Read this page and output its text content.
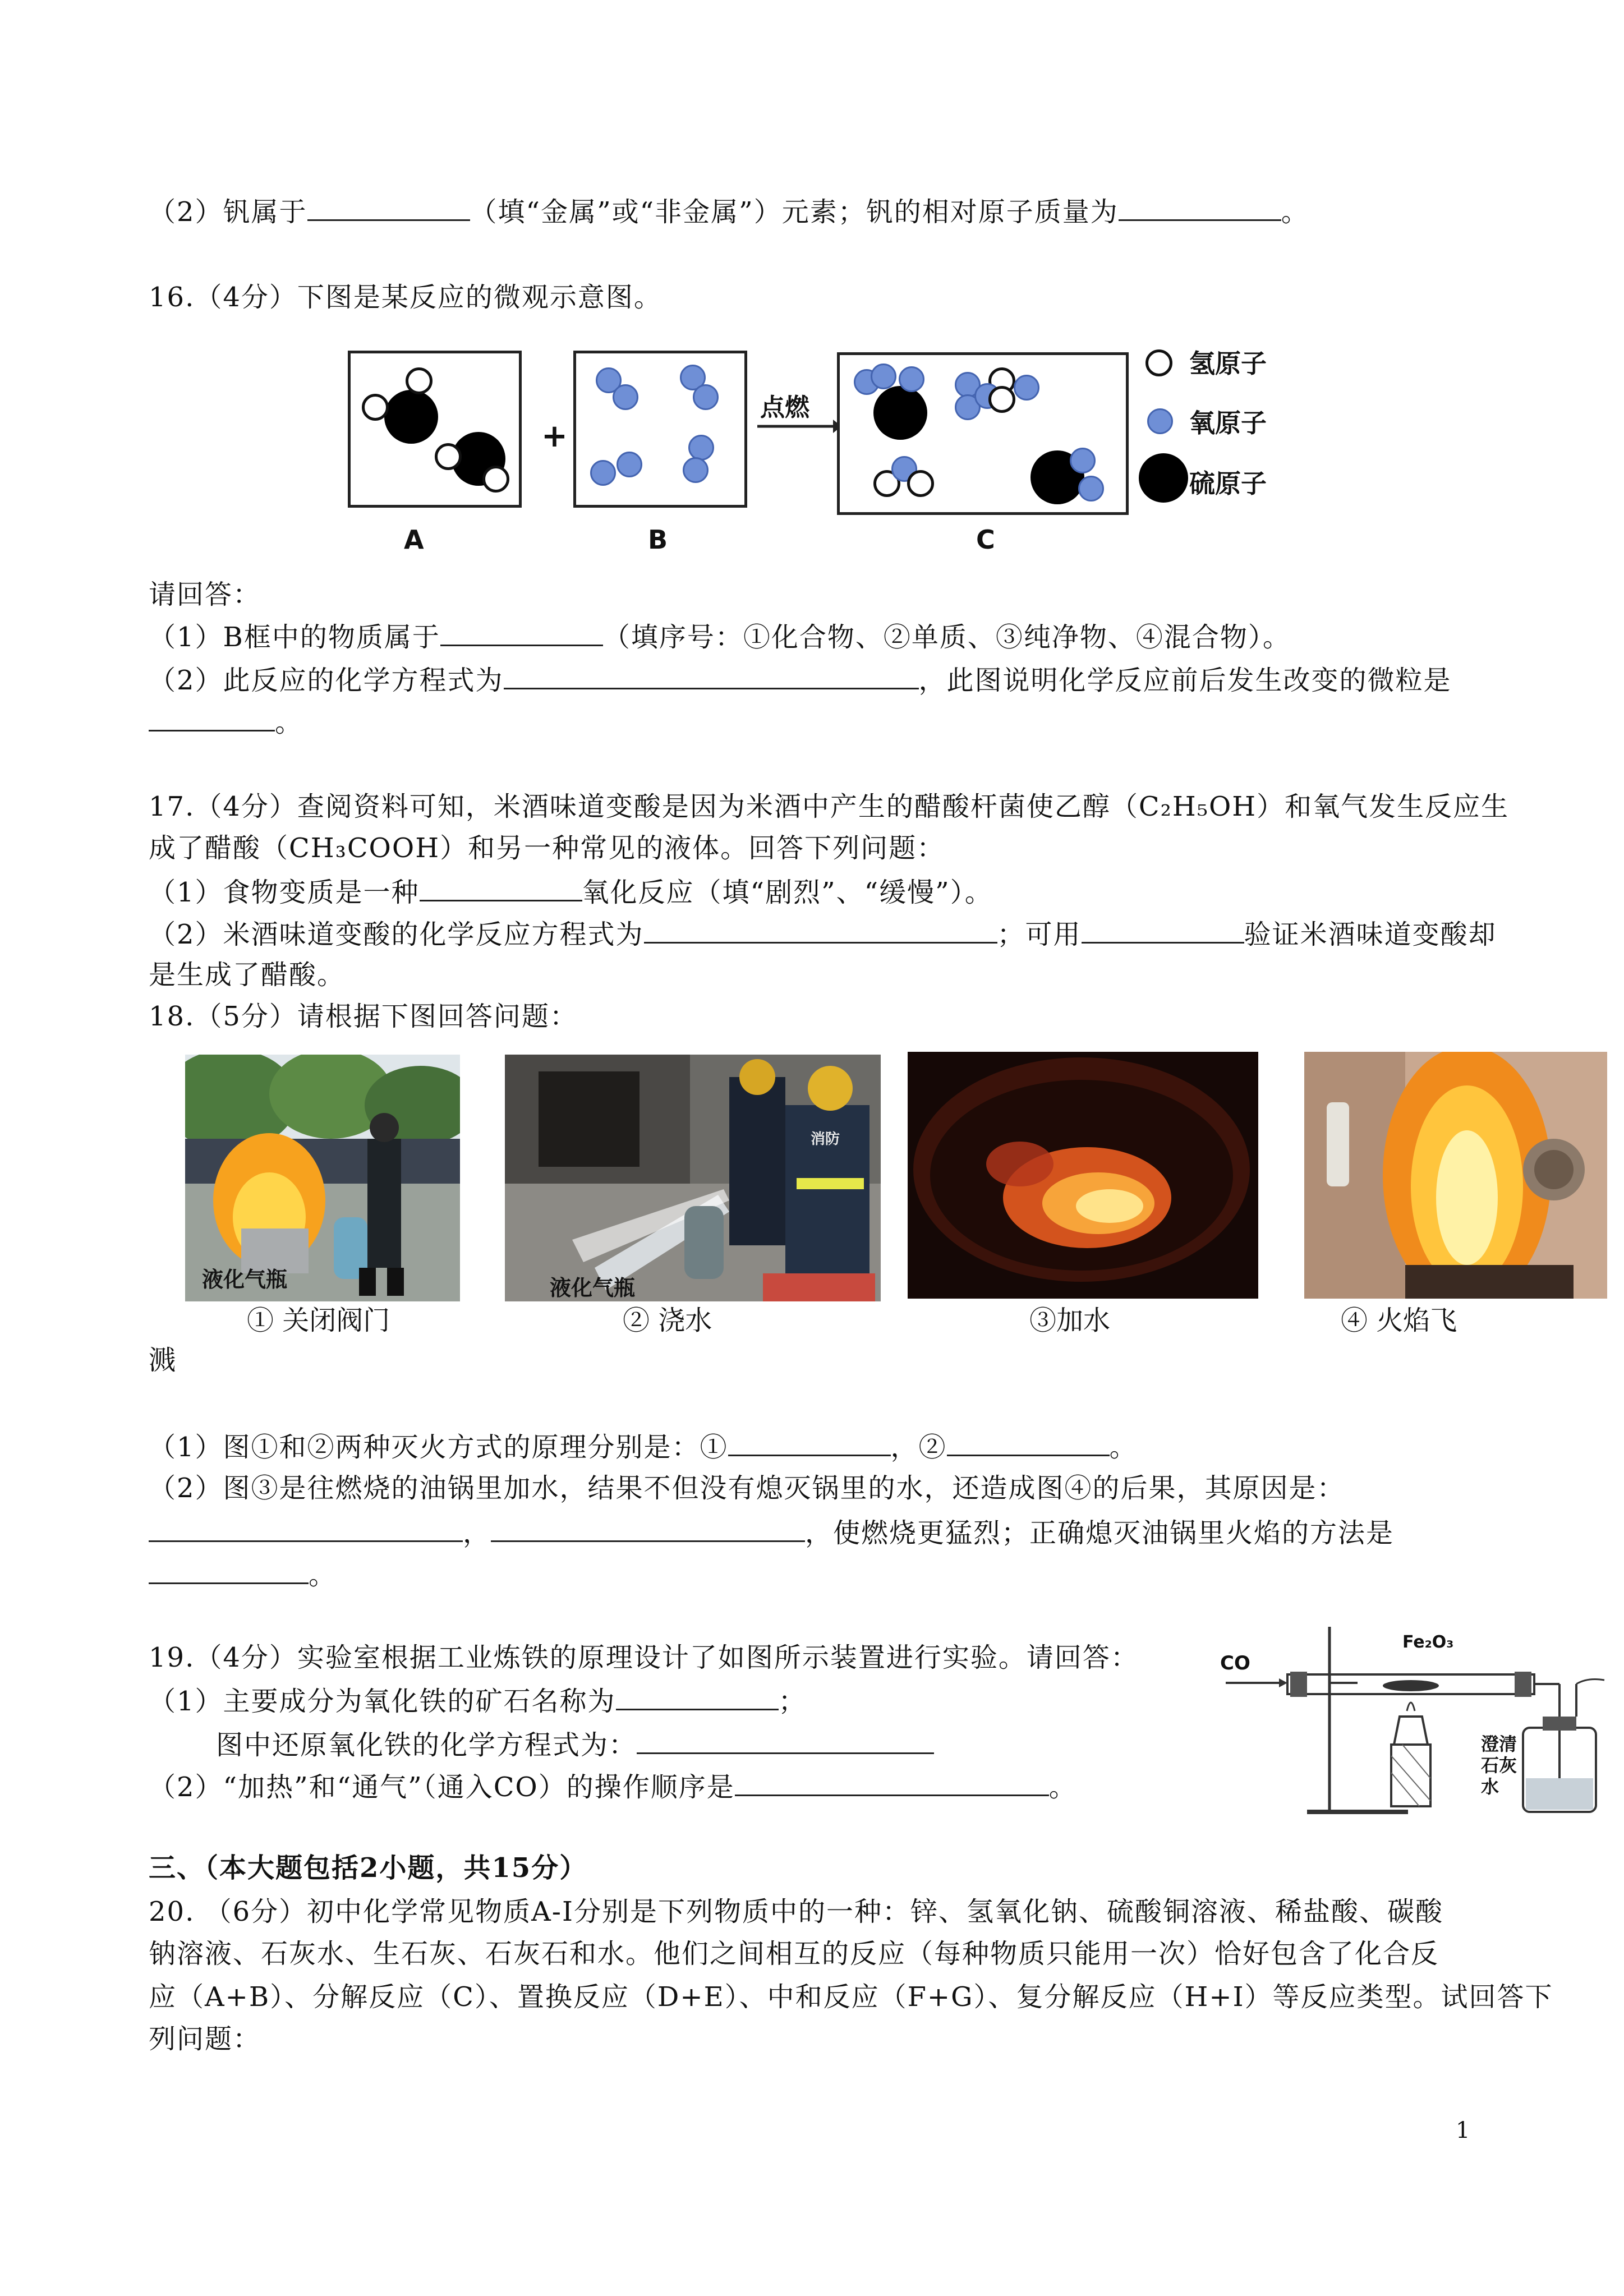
（2）钒属于	（填“金属”或“非金属”）元素；钒的相对原子质量为	。
16.（4分）下图是某反应的微观示意图。
A
+
B
点燃
C
氢原子
氧原子
硫原子
请回答：
（1）B框中的物质属于	（填序号：①化合物、②单质、③纯净物、④混合物）。
（2）此反应的化学方程式为	，此图说明化学反应前后发生改变的微粒是
。
17.（4分）查阅资料可知，米酒味道变酸是因为米酒中产生的醋酸杆菌使乙醇（C₂H₅OH）和氧气发生反应生
成了醋酸（CH₃COOH）和另一种常见的液体。回答下列问题：
（1）食物变质是一种	氧化反应（填“剧烈”、“缓慢”）。
（2）米酒味道变酸的化学反应方程式为	；可用	验证米酒味道变酸却
是生成了醋酸。
18.（5分）请根据下图回答问题：
液化气瓶
① 关闭阀门
液化气瓶
消防
② 浇水	③加水	④ 火焰飞
溅
（1）图①和②两种灭火方式的原理分别是：①	，②	。
（2）图③是往燃烧的油锅里加水，结果不但没有熄灭锅里的水，还造成图④的后果，其原因是：
，	，使燃烧更猛烈；正确熄灭油锅里火焰的方法是
。
19.（4分）实验室根据工业炼铁的原理设计了如图所示装置进行实验。请回答：
（1）主要成分为氧化铁的矿石名称为	；
图中还原氧化铁的化学方程式为：
（2）“加热”和“通气”（通入CO）的操作顺序是	。
CO
Fe₂O₃
澄清
石灰
水
三、（本大题包括2小题，共15分）
20. （6分）初中化学常见物质A-I分别是下列物质中的一种：锌、氢氧化钠、硫酸铜溶液、稀盐酸、碳酸
钠溶液、石灰水、生石灰、石灰石和水。他们之间相互的反应（每种物质只能用一次）恰好包含了化合反
应（A+B）、分解反应（C）、置换反应（D+E）、中和反应（F+G）、复分解反应（H+I）等反应类型。试回答下
列问题：
1
